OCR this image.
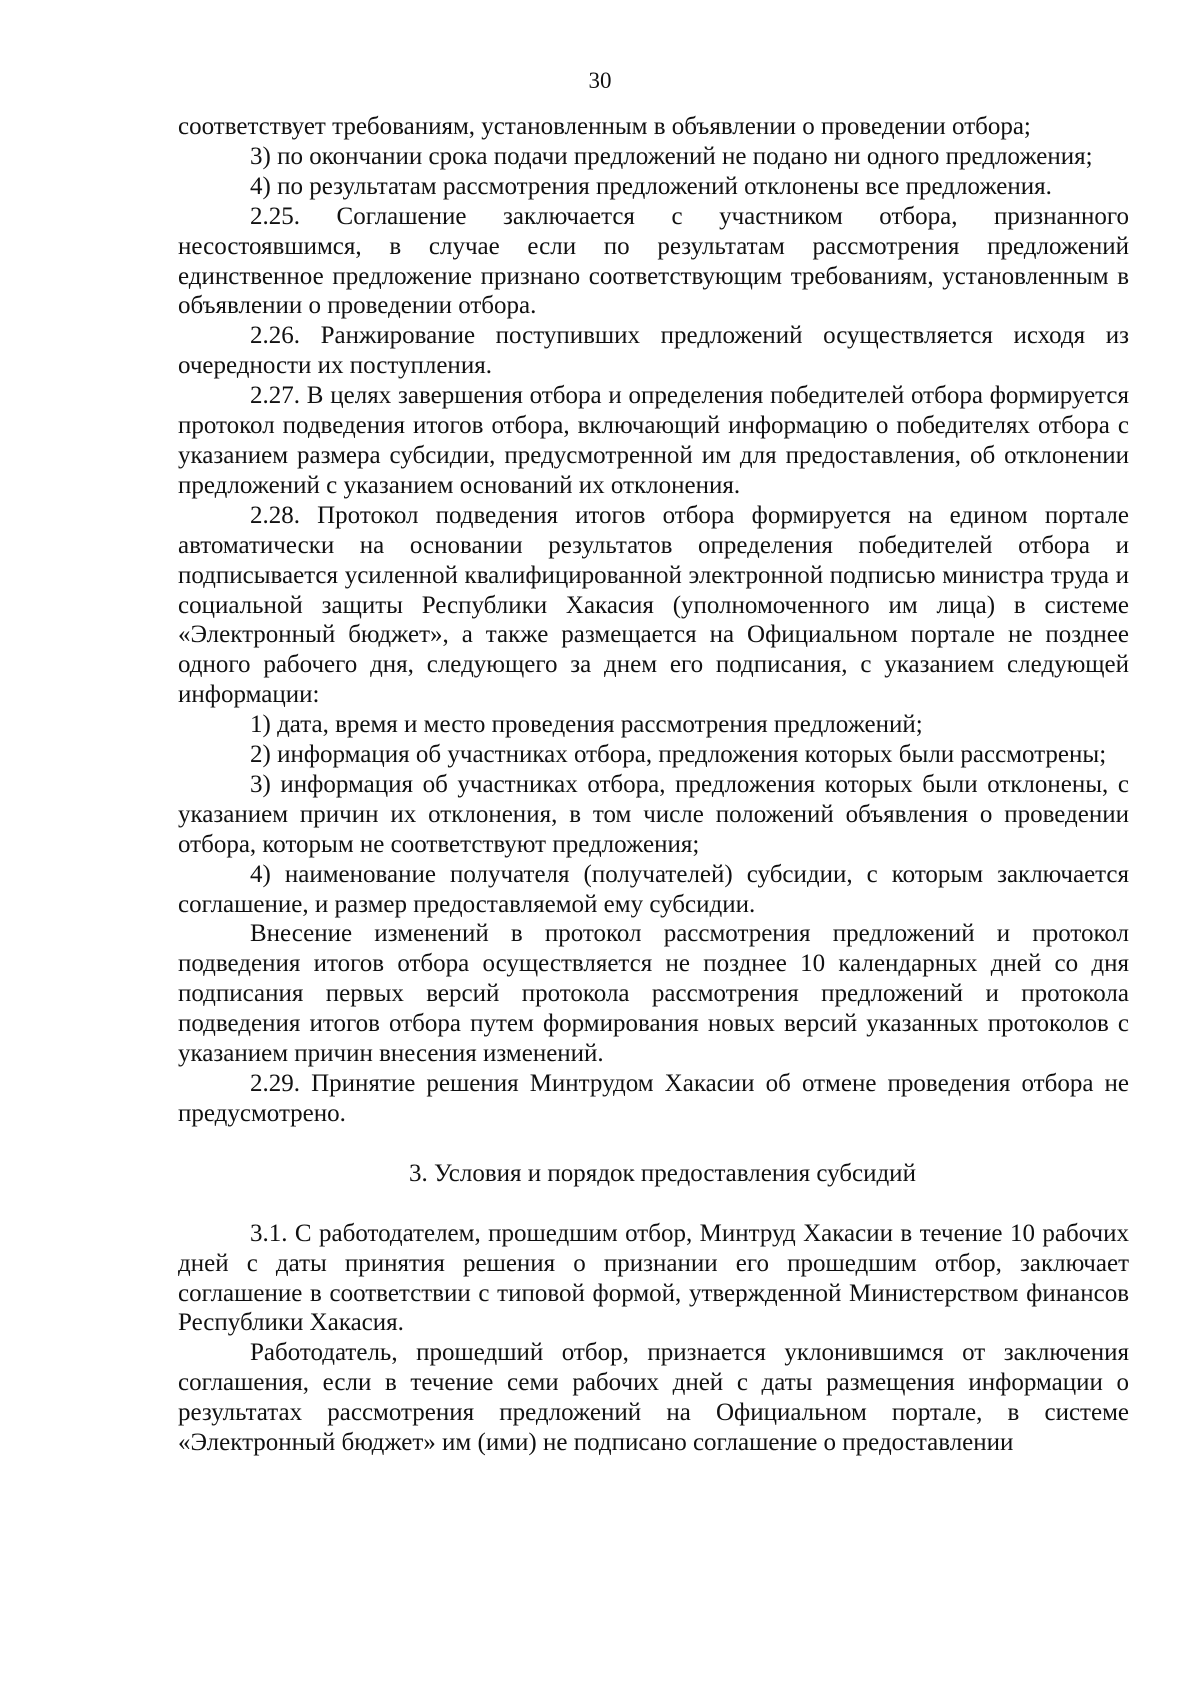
30

соответствует требованиям, установленным в объявлении о проведении отбора;

3) по окончании срока подачи предложений не подано ни одного предложения;

4) по результатам рассмотрения предложений отклонены все предложения.

2.25. Соглашение заключается с участником отбора, признанного несостоявшимся, в случае если по результатам рассмотрения предложений единственное предложение признано соответствующим требованиям, установленным в объявлении о проведении отбора.

2.26. Ранжирование поступивших предложений осуществляется исходя из очередности их поступления.

2.27. В целях завершения отбора и определения победителей отбора формируется протокол подведения итогов отбора, включающий информацию о победителях отбора с указанием размера субсидии, предусмотренной им для предоставления, об отклонении предложений с указанием оснований их отклонения.

2.28. Протокол подведения итогов отбора формируется на едином портале автоматически на основании результатов определения победителей отбора и подписывается усиленной квалифицированной электронной подписью министра труда и социальной защиты Республики Хакасия (уполномоченного им лица) в системе «Электронный бюджет», а также размещается на Официальном портале не позднее одного рабочего дня, следующего за днем его подписания, с указанием следующей информации:

1) дата, время и место проведения рассмотрения предложений;

2) информация об участниках отбора, предложения которых были рассмотрены;

3) информация об участниках отбора, предложения которых были отклонены, с указанием причин их отклонения, в том числе положений объявления о проведении отбора, которым не соответствуют предложения;

4) наименование получателя (получателей) субсидии, с которым заключается соглашение, и размер предоставляемой ему субсидии.

Внесение изменений в протокол рассмотрения предложений и протокол подведения итогов отбора осуществляется не позднее 10 календарных дней со дня подписания первых версий протокола рассмотрения предложений и протокола подведения итогов отбора путем формирования новых версий указанных протоколов с указанием причин внесения изменений.

2.29. Принятие решения Минтрудом Хакасии об отмене проведения отбора не предусмотрено.

3. Условия и порядок предоставления субсидий

3.1. С работодателем, прошедшим отбор, Минтруд Хакасии в течение 10 рабочих дней с даты принятия решения о признании его прошедшим отбор, заключает соглашение в соответствии с типовой формой, утвержденной Министерством финансов Республики Хакасия.

Работодатель, прошедший отбор, признается уклонившимся от заключения соглашения, если в течение семи рабочих дней с даты размещения информации о результатах рассмотрения предложений на Официальном портале, в системе «Электронный бюджет» им (ими) не подписано соглашение о предоставлении
